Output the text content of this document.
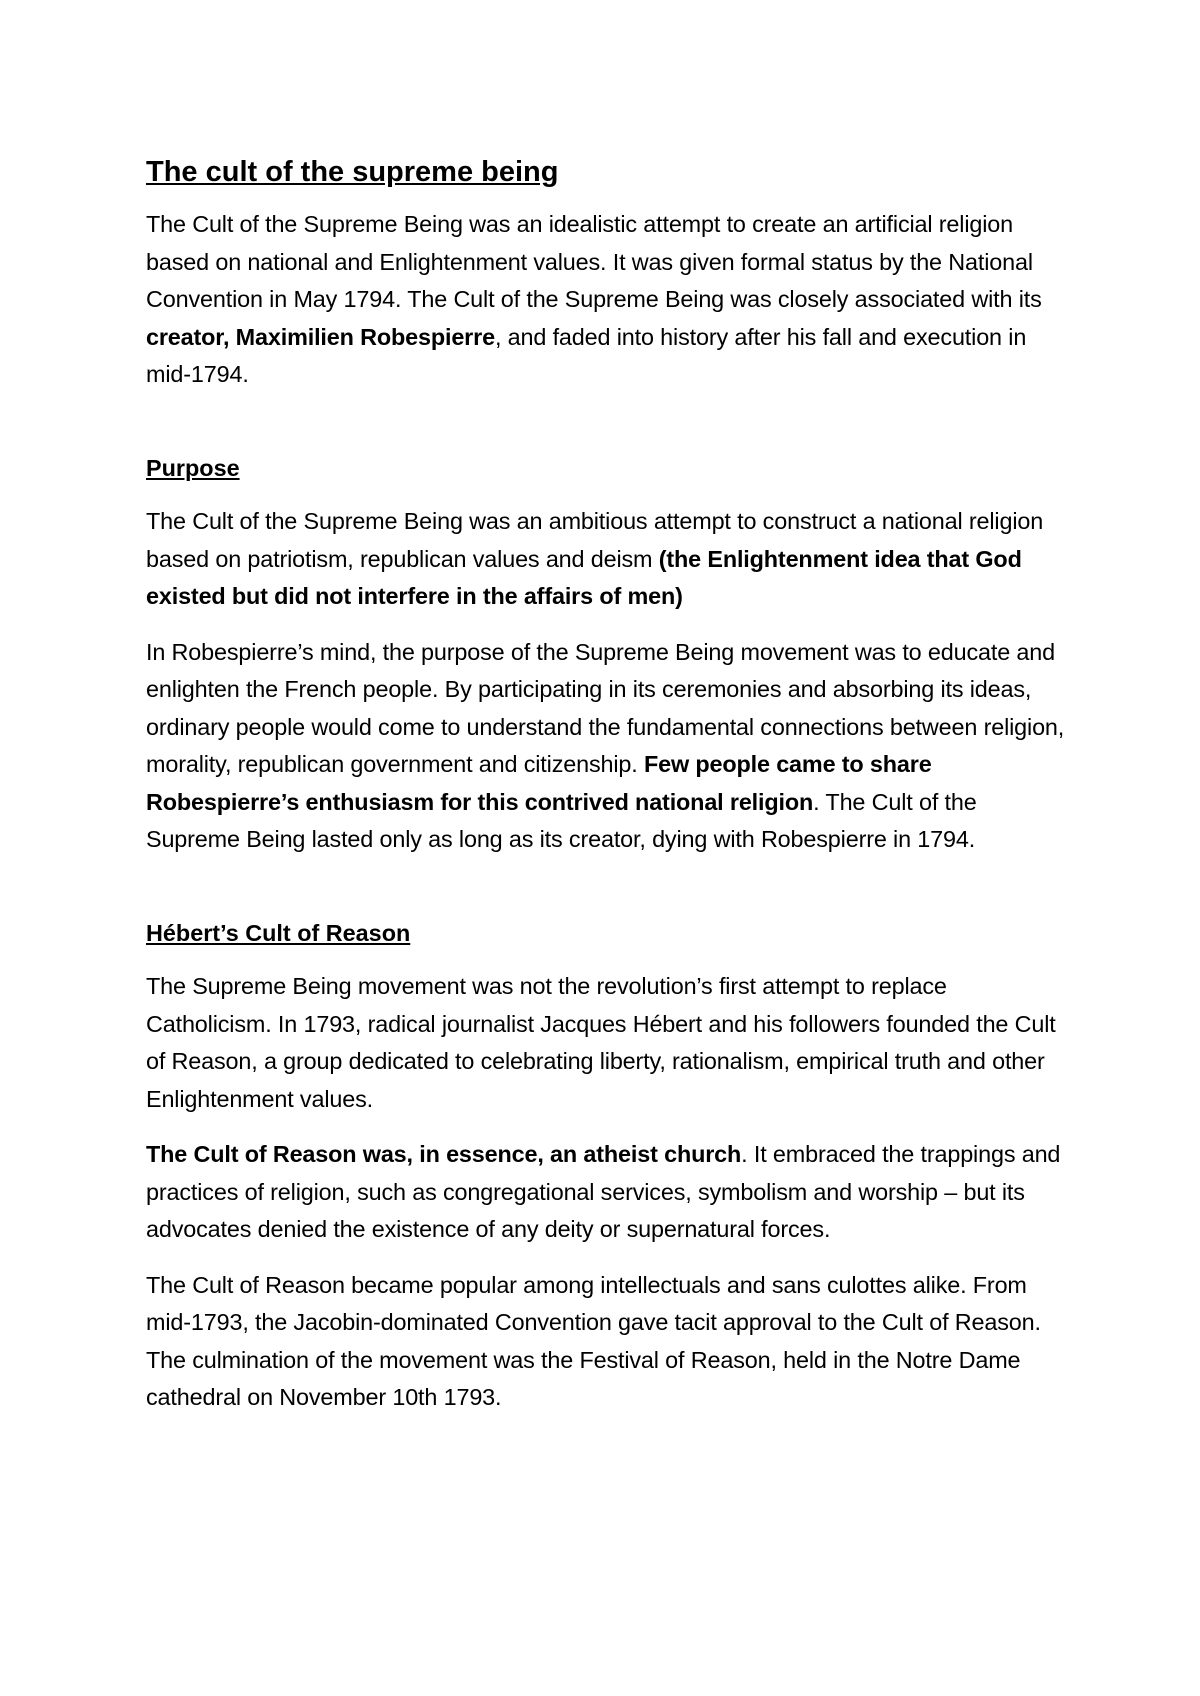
The cult of the supreme being

The Cult of the Supreme Being was an idealistic attempt to create an artificial religion based on national and Enlightenment values. It was given formal status by the National Convention in May 1794. The Cult of the Supreme Being was closely associated with its creator, Maximilien Robespierre, and faded into history after his fall and execution in mid-1794.

Purpose

The Cult of the Supreme Being was an ambitious attempt to construct a national religion based on patriotism, republican values and deism (the Enlightenment idea that God existed but did not interfere in the affairs of men)

In Robespierre’s mind, the purpose of the Supreme Being movement was to educate and enlighten the French people. By participating in its ceremonies and absorbing its ideas, ordinary people would come to understand the fundamental connections between religion, morality, republican government and citizenship. Few people came to share Robespierre’s enthusiasm for this contrived national religion. The Cult of the Supreme Being lasted only as long as its creator, dying with Robespierre in 1794.

Hébert’s Cult of Reason

The Supreme Being movement was not the revolution’s first attempt to replace Catholicism. In 1793, radical journalist Jacques Hébert and his followers founded the Cult of Reason, a group dedicated to celebrating liberty, rationalism, empirical truth and other Enlightenment values.

The Cult of Reason was, in essence, an atheist church. It embraced the trappings and practices of religion, such as congregational services, symbolism and worship – but its advocates denied the existence of any deity or supernatural forces.

The Cult of Reason became popular among intellectuals and sans culottes alike. From mid-1793, the Jacobin-dominated Convention gave tacit approval to the Cult of Reason. The culmination of the movement was the Festival of Reason, held in the Notre Dame cathedral on November 10th 1793.
